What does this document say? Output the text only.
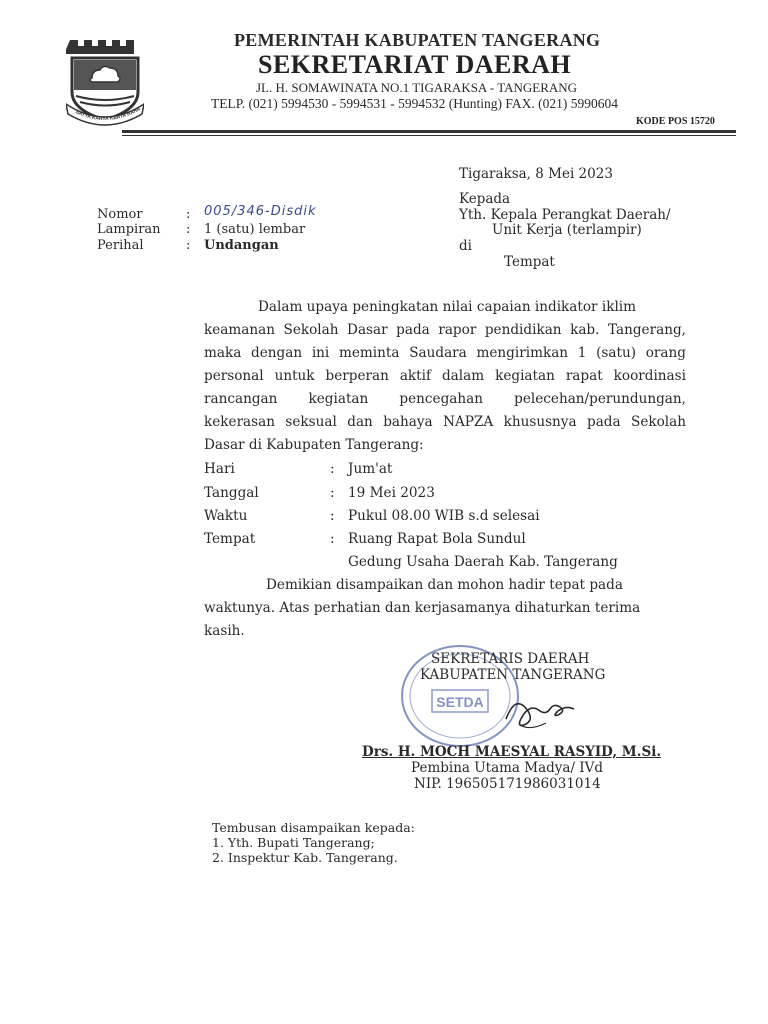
SATYA KARYA KERTA RAHA
PEMERINTAH KABUPATEN TANGERANG
SEKRETARIAT DAERAH
JL. H. SOMAWINATA NO.1 TIGARAKSA - TANGERANG
TELP. (021) 5994530 - 5994531 - 5994532 (Hunting) FAX. (021) 5990604
KODE POS 15720
Tigaraksa, 8 Mei 2023
Kepada
Yth. Kepala Perangkat Daerah/
Unit Kerja (terlampir)
di
Tempat
Nomor	: 005/346-Disdik
Lampiran : 1 (satu) lembar
Perihal	: Undangan
Dalam upaya peningkatan nilai capaian indikator iklim
keamanan Sekolah Dasar pada rapor pendidikan kab. Tangerang,
maka dengan ini meminta Saudara mengirimkan 1 (satu) orang
personal untuk berperan aktif dalam kegiatan rapat koordinasi
rancangan kegiatan pencegahan pelecehan/perundungan,
kekerasan seksual dan bahaya NAPZA khususnya pada Sekolah
Dasar di Kabupaten Tangerang:
Hari	: Jum'at
Tanggal	: 19 Mei 2023
Waktu	: Pukul 08.00 WIB s.d selesai
Tempat	: Ruang Rapat Bola Sundul
Gedung Usaha Daerah Kab. Tangerang
Demikian disampaikan dan mohon hadir tepat pada
waktunya. Atas perhatian dan kerjasamanya dihaturkan terima
kasih.
SETDA
SEKRETARIS DAERAH
KABUPATEN TANGERANG
Drs. H. MOCH MAESYAL RASYID, M.Si.
Pembina Utama Madya/ IVd
NIP. 196505171986031014
Tembusan disampaikan kepada:
1. Yth. Bupati Tangerang;
2. Inspektur Kab. Tangerang.
